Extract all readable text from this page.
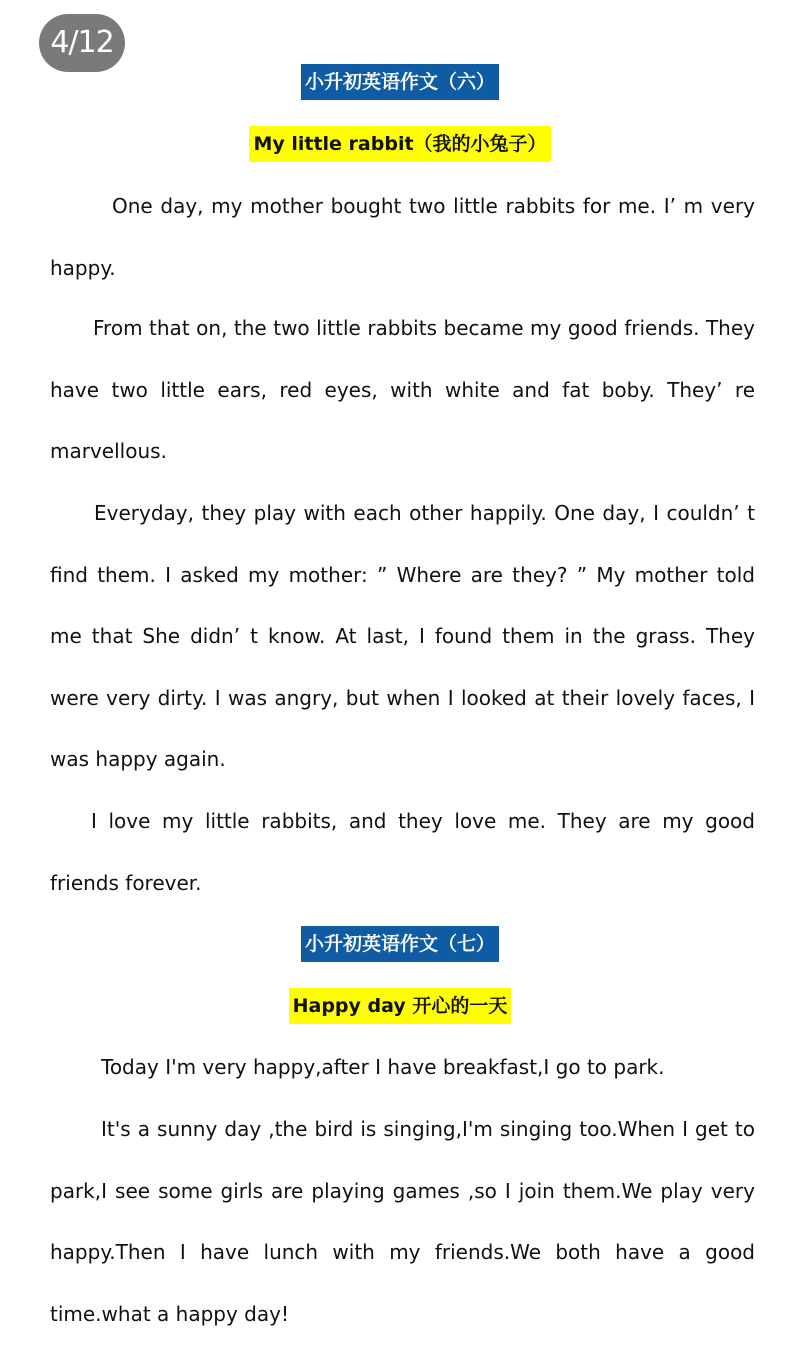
4/12
小升初英语作文（六）
My little rabbit（我的小兔子）

One day, my mother bought two little rabbits for me. I’ m very happy.

From that on, the two little rabbits became my good friends. They have two little ears, red eyes, with white and fat boby. They’ re marvellous.

Everyday, they play with each other happily. One day, I couldn’ t find them. I asked my mother: ” Where are they? ” My mother told me that She didn’ t know. At last, I found them in the grass. They were very dirty. I was angry, but when I looked at their lovely faces, I was happy again.

I love my little rabbits, and they love me. They are my good friends forever.

小升初英语作文（七）
Happy day 开心的一天

Today I'm very happy,after I have breakfast,I go to park.

It's a sunny day ,the bird is singing,I'm singing too.When I get to park,I see some girls are playing games ,so I join them.We play very happy.Then I have lunch with my friends.We both have a good time.what a happy day!
